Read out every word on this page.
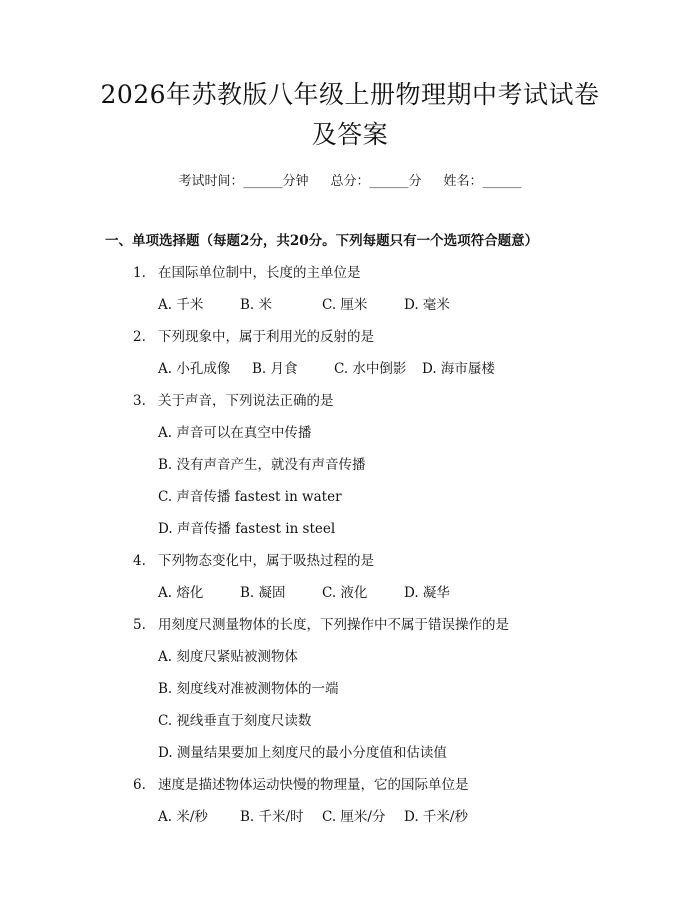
2026年苏教版八年级上册物理期中考试试卷
及答案
考试时间：______分钟 总分：______分 姓名：______
一、单项选择题（每题2分，共20分。下列每题只有一个选项符合题意）
1. 在国际单位制中，长度的主单位是
A. 千米	B. 米	C. 厘米	D. 毫米
2. 下列现象中，属于利用光的反射的是
A. 小孔成像 B. 月食	C. 水中倒影 D. 海市蜃楼
3. 关于声音，下列说法正确的是
A. 声音可以在真空中传播
B. 没有声音产生，就没有声音传播
C. 声音传播 fastest in water
D. 声音传播 fastest in steel
4. 下列物态变化中，属于吸热过程的是
A. 熔化	B. 凝固	C. 液化	D. 凝华
5. 用刻度尺测量物体的长度，下列操作中不属于错误操作的是
A. 刻度尺紧贴被测物体
B. 刻度线对准被测物体的一端
C. 视线垂直于刻度尺读数
D. 测量结果要加上刻度尺的最小分度值和估读值
6. 速度是描述物体运动快慢的物理量，它的国际单位是
A. 米/秒 B. 千米/时 C. 厘米/分 D. 千米/秒
